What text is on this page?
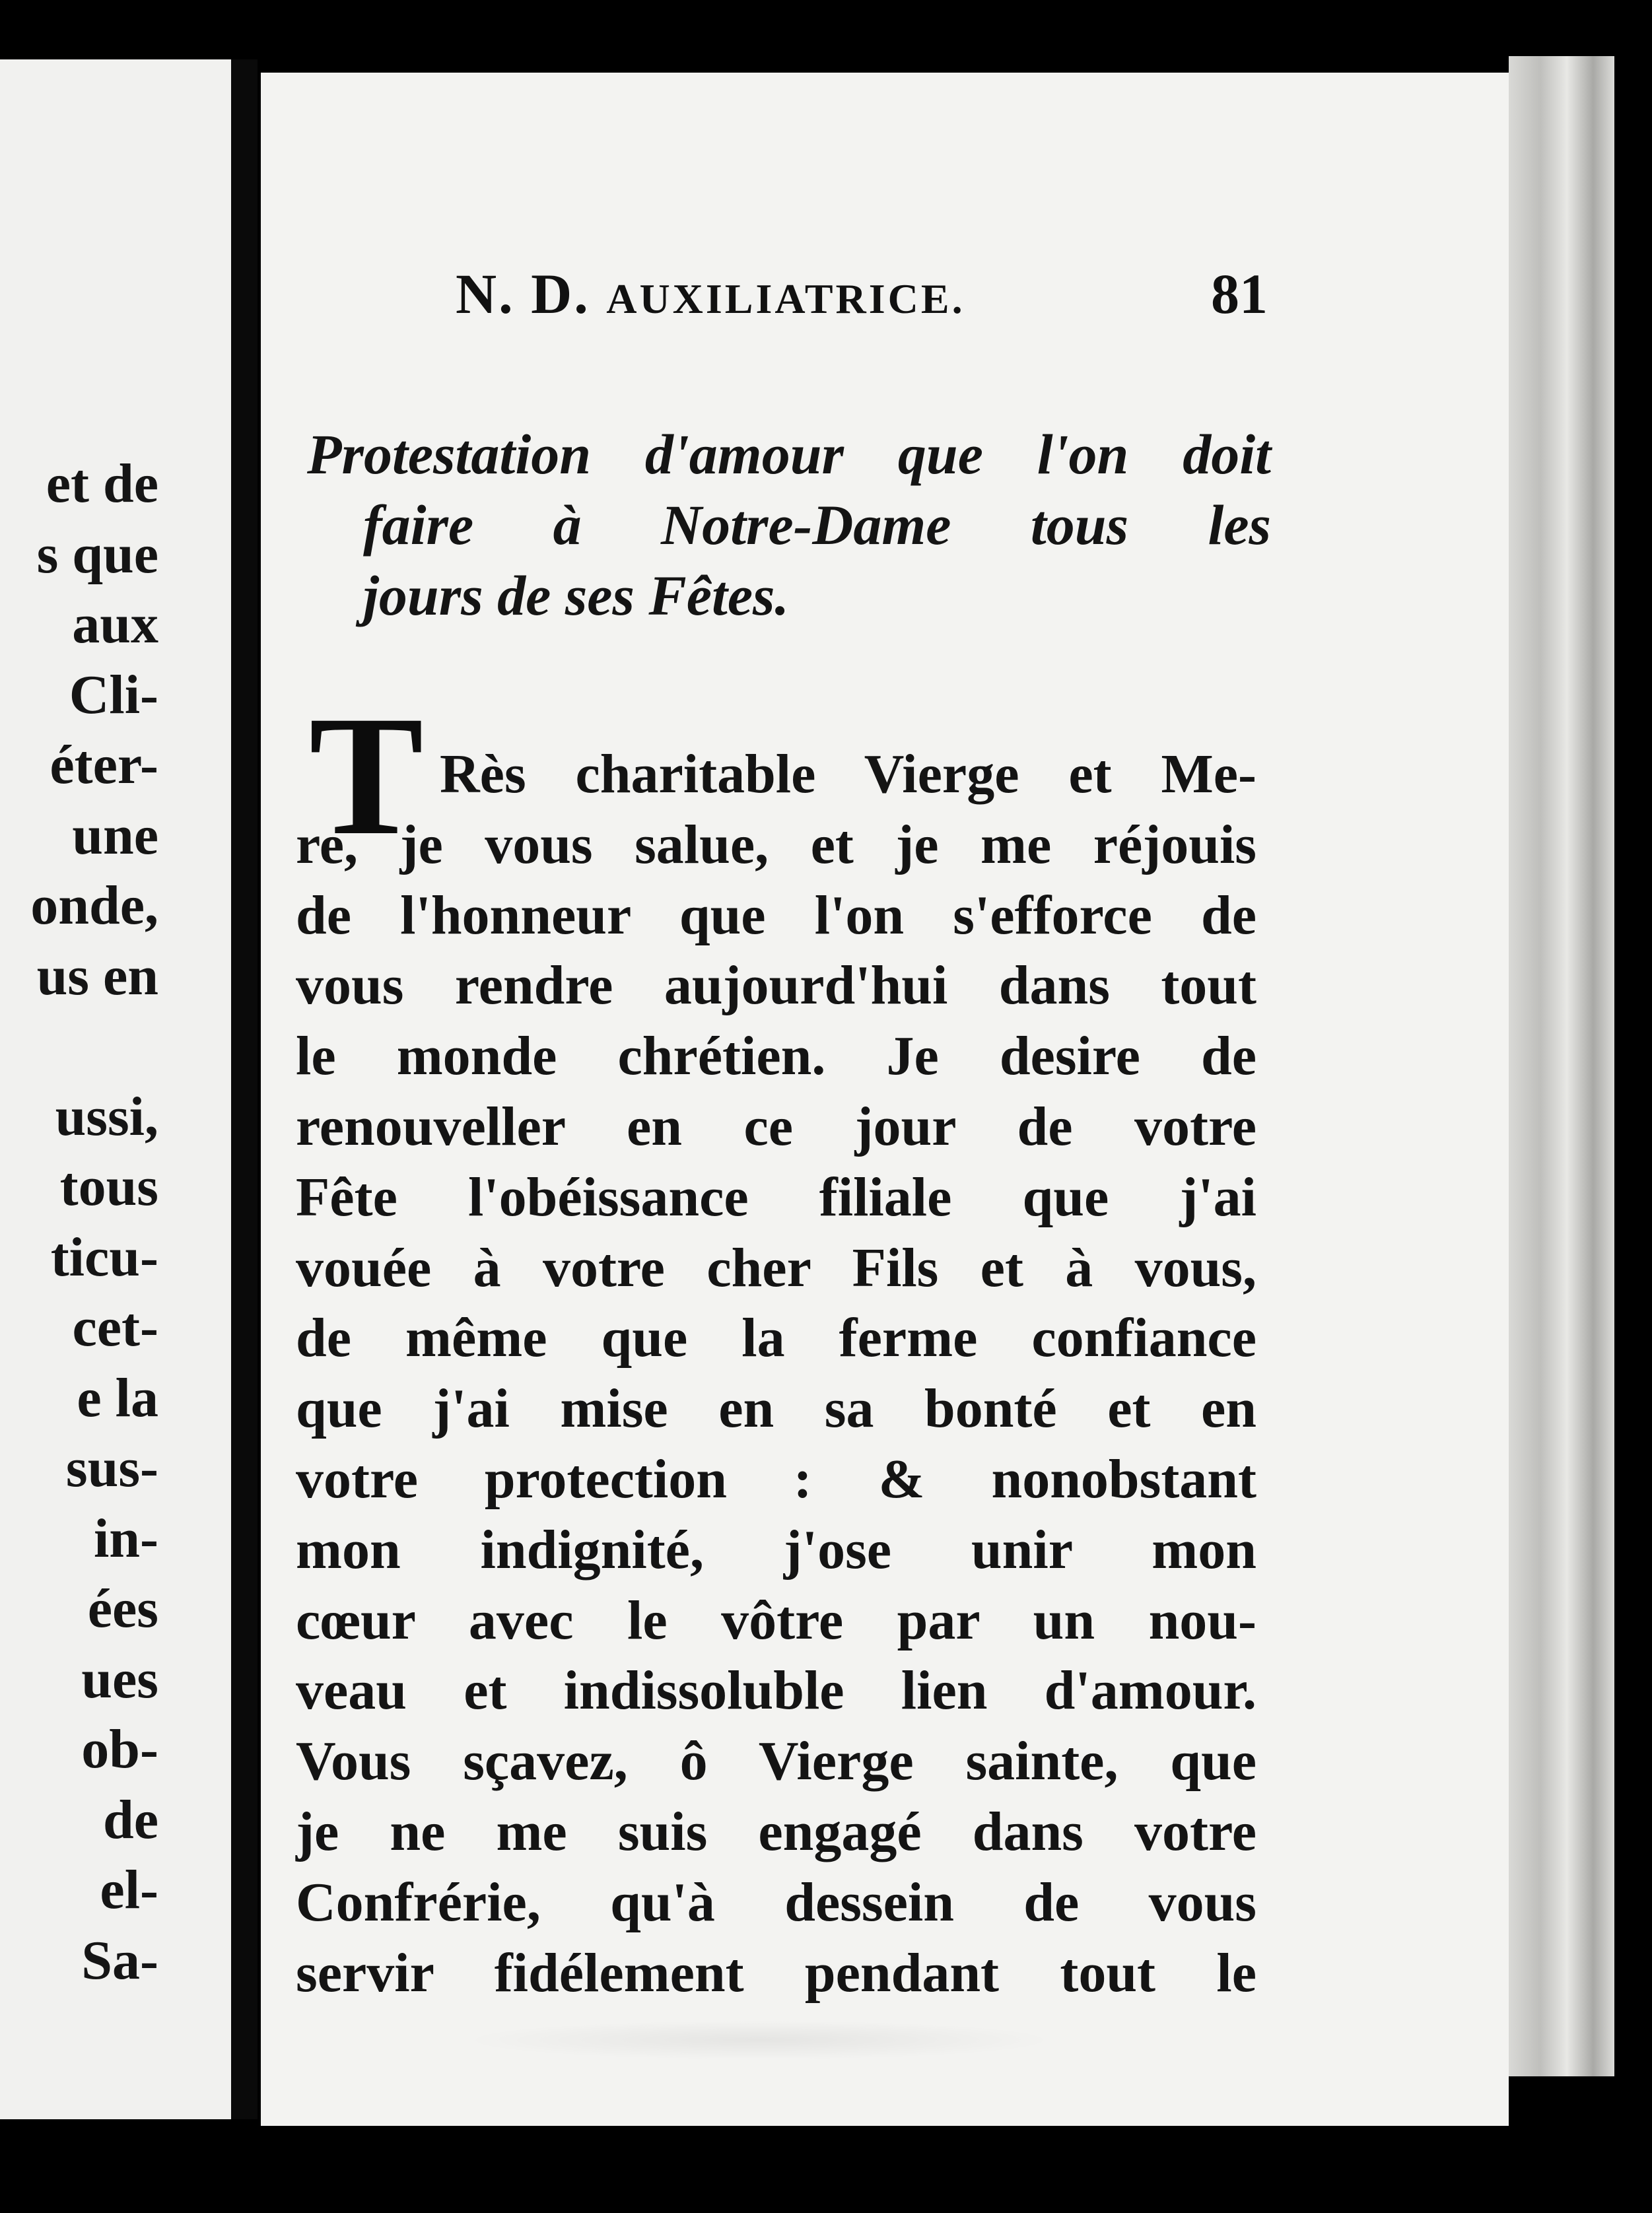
et de
s que
aux
Cli-
éter-
une
onde,
us en
ussi,
tous
ticu-
cet-
e la
sus-
in-
ées
ues
ob-
de
el-
Sa-
N. D. AUXILIATRICE.	81
Protestation d'amour que l'on doit
faire à Notre-Dame tous les
jours de ses Fêtes.
T Rès charitable Vierge et Me-
re, je vous salue, et je me réjouis
de l'honneur que l'on s'efforce de
vous rendre aujourd'hui dans tout
le monde chrétien. Je desire de
renouveller en ce jour de votre
Fête l'obéissance filiale que j'ai
vouée à votre cher Fils et à vous,
de même que la ferme confiance
que j'ai mise en sa bonté et en
votre protection : & nonobstant
mon indignité, j'ose unir mon
cœur avec le vôtre par un nou-
veau et indissoluble lien d'amour.
Vous sçavez, ô Vierge sainte, que
je ne me suis engagé dans votre
Confrérie, qu'à dessein de vous
servir fidélement pendant tout le
